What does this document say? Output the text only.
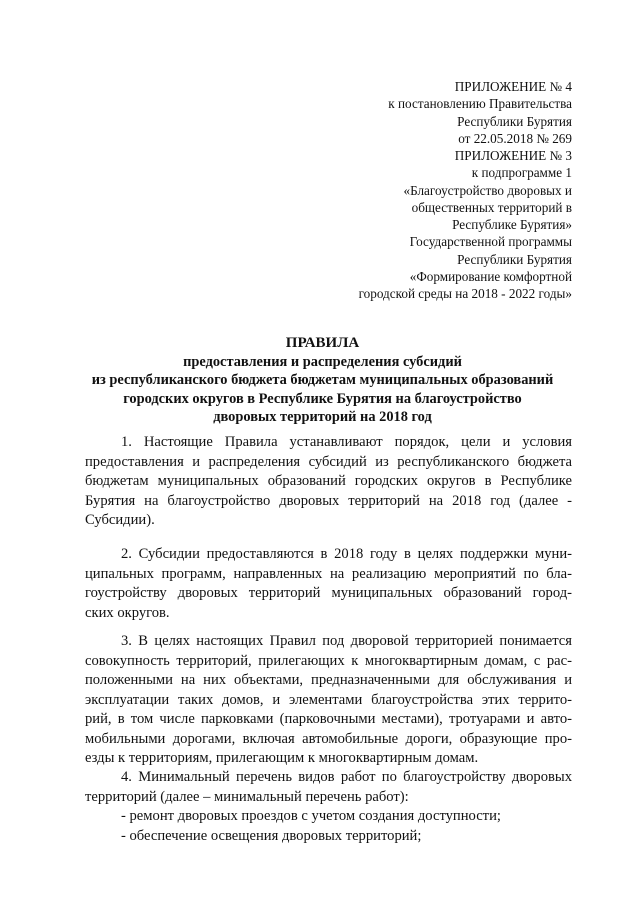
ПРИЛОЖЕНИЕ № 4
к постановлению Правительства
Республики Бурятия
от 22.05.2018 № 269
ПРИЛОЖЕНИЕ № 3
к подпрограмме 1
«Благоустройство дворовых и
общественных территорий в
Республике Бурятия»
Государственной программы
Республики Бурятия
«Формирование комфортной
городской среды на 2018 - 2022 годы»
ПРАВИЛА
предоставления и распределения субсидий
из республиканского бюджета бюджетам муниципальных образований
городских округов в Республике Бурятия на благоустройство
дворовых территорий на 2018 год
1. Настоящие Правила устанавливают порядок, цели и условия
предоставления и распределения субсидий из республиканского бюджета
бюджетам муниципальных образований городских округов в Республике
Бурятия на благоустройство дворовых территорий на 2018 год (далее -
Субсидии).
2. Субсидии предоставляются в 2018 году в целях поддержки муни-
ципальных программ, направленных на реализацию мероприятий по бла-
гоустройству дворовых территорий муниципальных образований город-
ских округов.
3. В целях настоящих Правил под дворовой территорией понимается
совокупность территорий, прилегающих к многоквартирным домам, с рас-
положенными на них объектами, предназначенными для обслуживания и
эксплуатации таких домов, и элементами благоустройства этих террито-
рий, в том числе парковками (парковочными местами), тротуарами и авто-
мобильными дорогами, включая автомобильные дороги, образующие про-
езды к территориям, прилегающим к многоквартирным домам.
4. Минимальный перечень видов работ по благоустройству дворовых
территорий (далее – минимальный перечень работ):
- ремонт дворовых проездов с учетом создания доступности;
- обеспечение освещения дворовых территорий;
